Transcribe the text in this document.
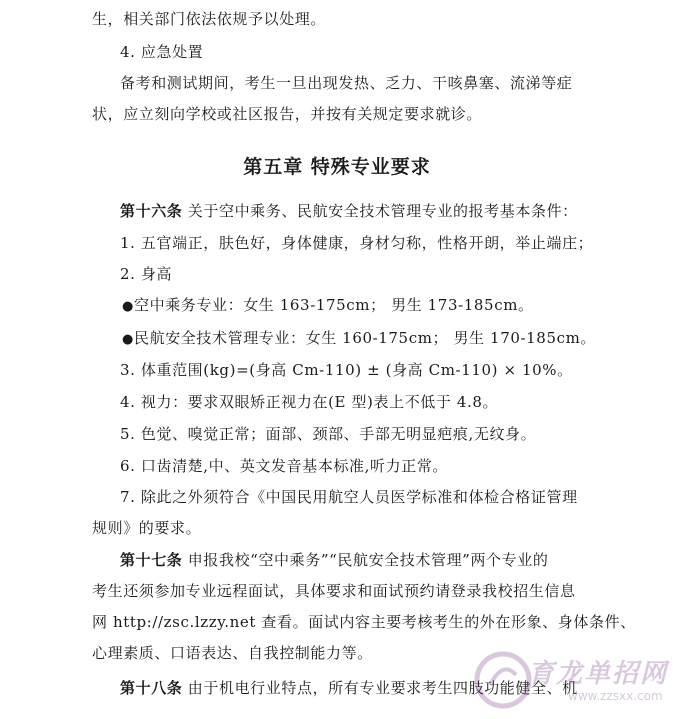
生，相关部门依法依规予以处理。
4. 应急处置
备考和测试期间，考生一旦出现发热、乏力、干咳鼻塞、流涕等症
状，应立刻向学校或社区报告，并按有关规定要求就诊。
第五章 特殊专业要求
第十六条 关于空中乘务、民航安全技术管理专业的报考基本条件：
1. 五官端正，肤色好，身体健康，身材匀称，性格开朗，举止端庄；
2. 身高
●空中乘务专业：女生 163-175cm； 男生 173-185cm。
●民航安全技术管理专业：女生 160-175cm； 男生 170-185cm。
3. 体重范围(kg)=(身高 Cm-110) ± (身高 Cm-110) × 10%。
4. 视力：要求双眼矫正视力在(E 型)表上不低于 4.8。
5. 色觉、嗅觉正常；面部、颈部、手部无明显疤痕,无纹身。
6. 口齿清楚,中、英文发音基本标准,听力正常。
7. 除此之外须符合《中国民用航空人员医学标准和体检合格证管理
规则》的要求。
第十七条 申报我校“空中乘务”“民航安全技术管理”两个专业的
考生还须参加专业远程面试，具体要求和面试预约请登录我校招生信息
网 http://zsc.lzzy.net 查看。面试内容主要考核考生的外在形象、身体条件、
心理素质、口语表达、自我控制能力等。
第十八条 由于机电行业特点，所有专业要求考生四肢功能健全、机
育龙单招网
www.zzsxx.com
